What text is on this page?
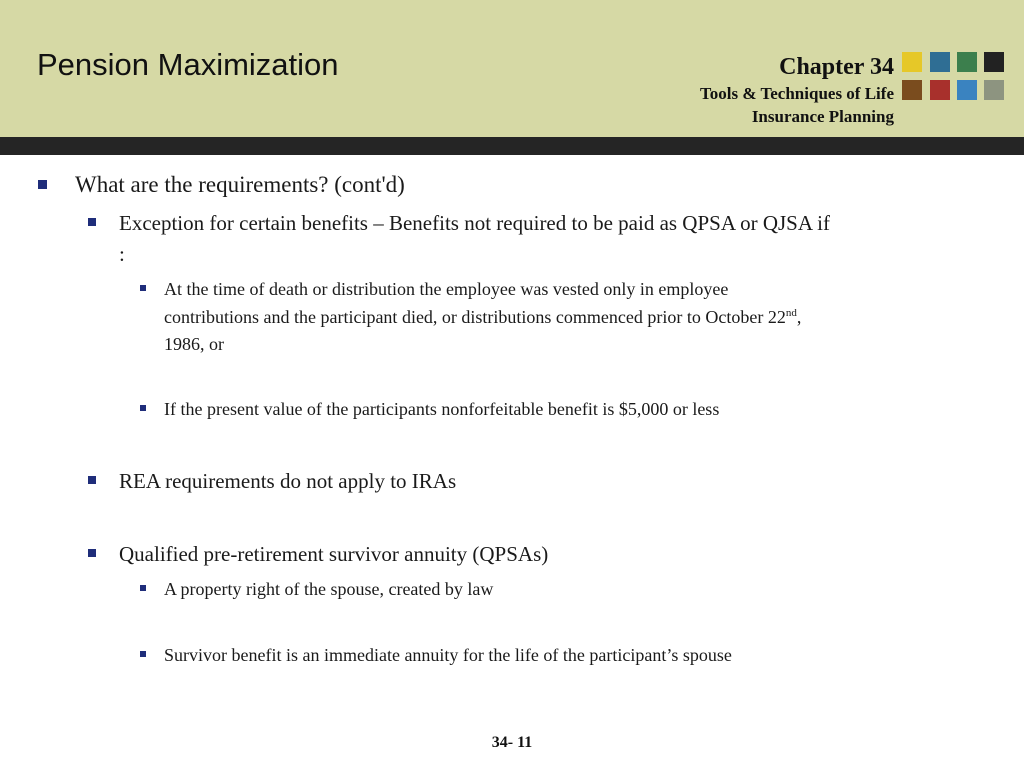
Pension Maximization	Chapter 34
Tools & Techniques of Life
Insurance Planning
What are the requirements? (cont'd)
Exception for certain benefits – Benefits not required to be paid as QPSA or QJSA if
:
At the time of death or distribution the employee was vested only in employee
contributions and the participant died, or distributions commenced prior to October 22nd,
1986, or
If the present value of the participants nonforfeitable benefit is $5,000 or less
REA requirements do not apply to IRAs
Qualified pre-retirement survivor annuity (QPSAs)
A property right of the spouse, created by law
Survivor benefit is an immediate annuity for the life of the participant’s spouse
34- 11
